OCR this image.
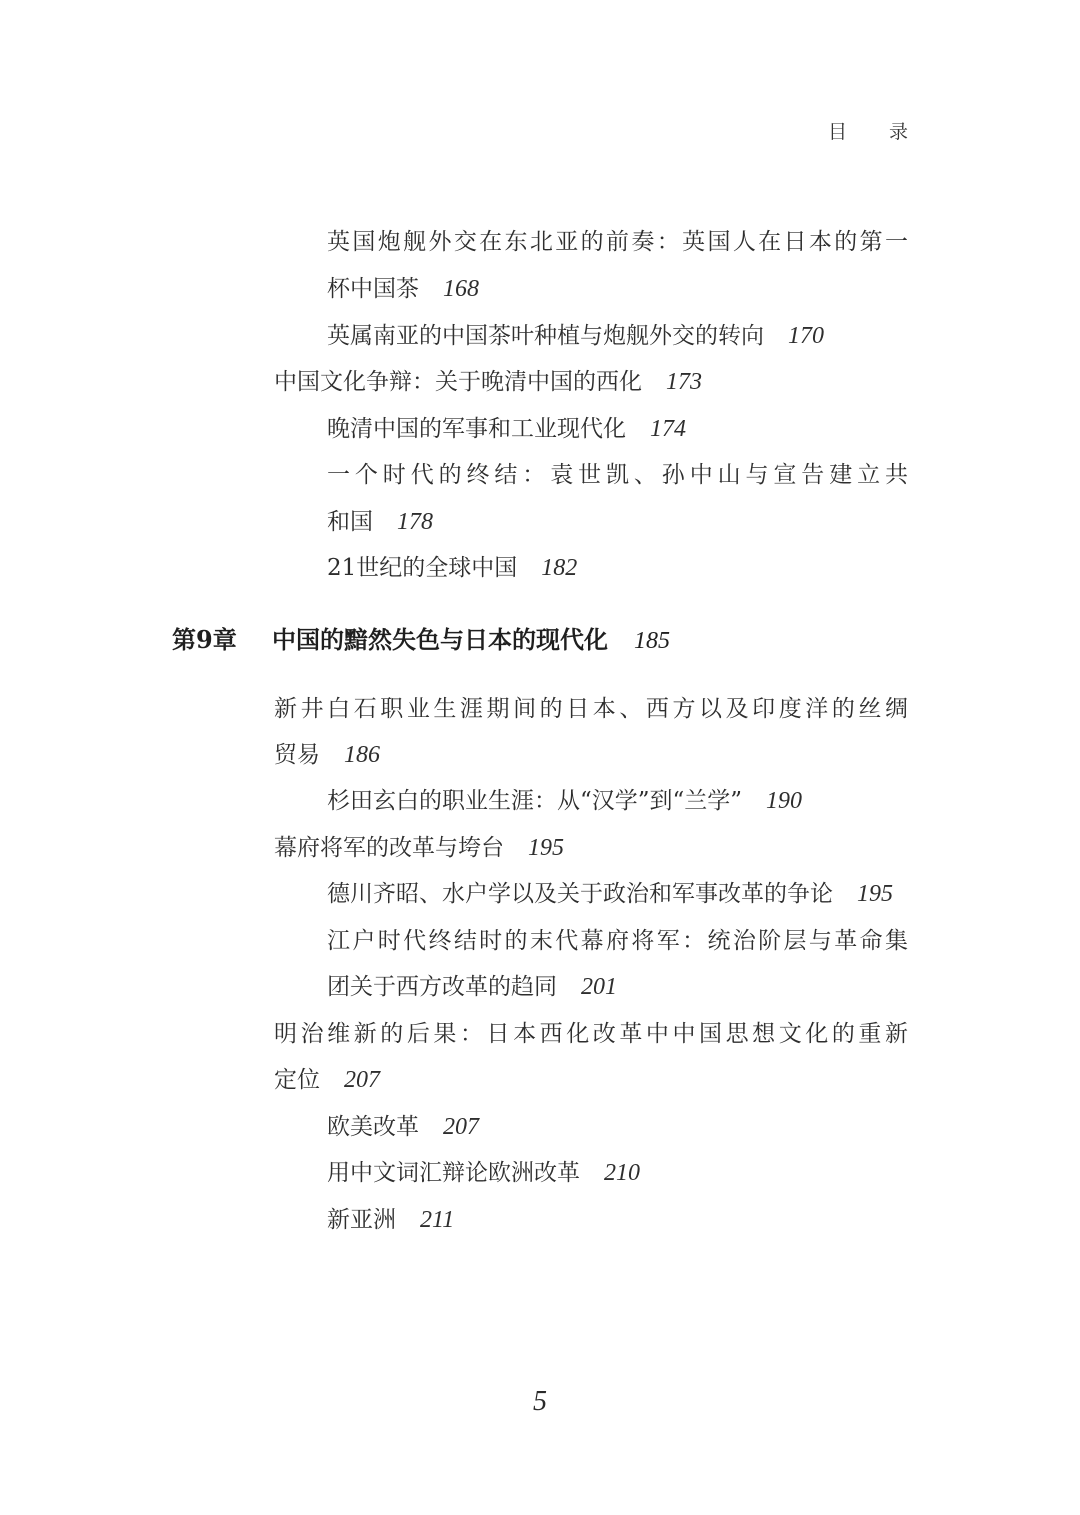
目 录
英国炮舰外交在东北亚的前奏：英国人在日本的第一
杯中国茶 168
英属南亚的中国茶叶种植与炮舰外交的转向 170
中国文化争辩：关于晚清中国的西化 173
晚清中国的军事和工业现代化 174
一个时代的终结：袁世凯、孙中山与宣告建立共
和国 178
21世纪的全球中国 182
第9章 中国的黯然失色与日本的现代化 185
新井白石职业生涯期间的日本、西方以及印度洋的丝绸
贸易 186
杉田玄白的职业生涯：从“汉学”到“兰学” 190
幕府将军的改革与垮台 195
德川齐昭、水户学以及关于政治和军事改革的争论 195
江户时代终结时的末代幕府将军：统治阶层与革命集
团关于西方改革的趋同 201
明治维新的后果：日本西化改革中中国思想文化的重新
定位 207
欧美改革 207
用中文词汇辩论欧洲改革 210
新亚洲 211
5
